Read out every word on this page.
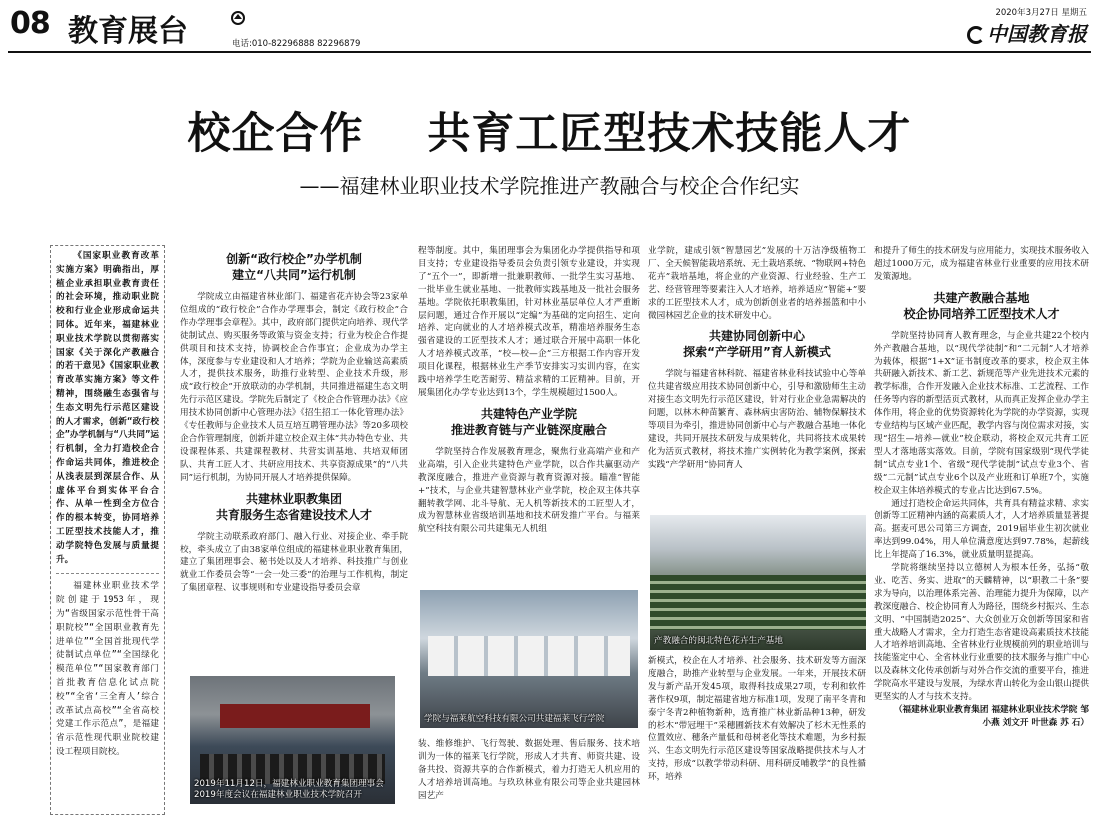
08 教育展台	电话:010-82296888 82296879
2020年3月27日 星期五
中国教育报
校企合作    共育工匠型技术技能人才
——福建林业职业技术学院推进产教融合与校企合作纪实

《国家职业教育改革实施方案》明确指出，厚植企业承担职业教育责任的社会环境，推动职业院校和行业企业形成命运共同体。近年来，福建林业职业技术学院以贯彻落实国家《关于深化产教融合的若干意见》《国家职业教育改革实施方案》等文件精神，围绕融生态强省与生态文明先行示范区建设的人才需求，创新“政行校企”办学机制与“八共同”运行机制，全力打造校企合作命运共同体，推进校企从浅表层到深层合作、从虚体平台到实体平台合作、从单一性到全方位合作的根本转变，协同培养工匠型技术技能人才，推动学院特色发展与质量提升。

福建林业职业技术学院创建于1953年，现为“省级国家示范性骨干高职院校”“全国职业教育先进单位”“全国首批现代学徒制试点单位”“全国绿化模范单位”“国家教育部门首批教育信息化试点院校”“全省‘三全育人’综合改革试点高校”“全省高校党建工作示范点”，是福建省示范性现代职业院校建设工程项目院校。

创新“政行校企”办学机制
建立“八共同”运行机制

学院成立由福建省林业部门、福建省花卉协会等23家单位组成的“政行校企”合作办学理事会，制定《政行校企”合作办学理事会章程》。其中，政府部门提供定向培养、现代学徒制试点、购买服务等政策与资金支持；行业为校企合作提供项目和技术支持，协调校企合作事宜；企业成为办学主体，深度参与专业建设和人才培养；学院为企业输送高素质人才，提供技术服务，助推行业转型、企业技术升级，形成“政行校企”开放联动的办学机制，共同推进福建生态文明先行示范区建设。学院先后制定了《校企合作管理办法》《应用技术协同创新中心管理办法》《招生招工一体化管理办法》《专任教师与企业技术人员互培互聘管理办法》等20多项校企合作管理制度，创新并建立校企双主体“共办特色专业、共设课程体系、共建课程教材、共营实训基地、共培双师团队、共育工匠人才、共研应用技术、共享资源成果”的“八共同”运行机制，为协同开展人才培养提供保障。

共建林业职教集团
共育服务生态省建设技术人才

学院主动联系政府部门、融入行业、对接企业、牵手院校，牵头成立了由38家单位组成的福建林业职业教育集团，建立了集团理事会、秘书处以及人才培养、科技推广与创业就业工作委员会等“一会一处三委”的治理与工作机构，制定了集团章程、议事规则和专业建设指导委员会章

2019年11月12日，福建林业职业教育集团理事会2019年度会议在福建林业职业技术学院召开

程等制度。其中，集团理事会为集团化办学提供指导和项目支持；专业建设指导委员会负责引领专业建设，并实现了“五个一”，即新增一批兼职教师、一批学生实习基地、一批毕业生就业基地、一批教师实践基地及一批社会服务基地。学院依托职教集团，针对林业基层单位人才严重断层问题，通过合作开展以“定编”为基础的定向招生、定向培养、定向就业的人才培养模式改革，精准培养服务生态强省建设的工匠型技术人才；通过联合开展中高职一体化人才培养模式改革，“校—校—企”三方根据工作内容开发项目化课程，根据林业生产季节安排实习实训内容，在实践中培养学生吃苦耐劳、精益求精的工匠精神。目前，开展集团化办学专业达到13个，学生规模超过1500人。

共建特色产业学院
推进教育链与产业链深度融合

学院坚持合作发展教育理念，聚焦行业高端产业和产业高端，引入企业共建特色产业学院，以合作共赢驱动产教深度融合，推进产业资源与教育资源对接。瞄准“智能+”技术，与企业共建智慧林业产业学院，校企双主体共享翻转教学网、北斗导航、无人机等新技术的工匠型人才，成为智慧林业省级培训基地和技术研发推广平台。与福莱航空科技有限公司共建集无人机组

学院与福莱航空科技有限公司共建福莱飞行学院

装、维修维护、飞行驾驶、数据处理、售后服务、技术培训为一体的福莱飞行学院，形成人才共育、师资共建、设备共投、资源共享的合作新模式，着力打造无人机应用的人才培养培训高地。与玖玖林业有限公司等企业共建园林园艺产

业学院，建成引领“智慧园艺”发展的十万洁净级植物工厂、全天候智能栽培系统、无土栽培系统、“物联网+特色花卉”栽培基地，将企业的产业资源、行业经验、生产工艺、经营管理等要素注入人才培养，培养适应“智能+”要求的工匠型技术人才，成为创新创业者的培养摇篮和中小微园林园艺企业的技术研发中心。

共建协同创新中心
探索“产学研用”育人新模式

学院与福建省林科院、福建省林业科技试验中心等单位共建省级应用技术协同创新中心，引导和激励师生主动对接生态文明先行示范区建设，针对行业企业急需解决的问题，以林木种苗繁育、森林病虫害防治、辅物保解技术等项目为牵引，推进协同创新中心与产教融合基地一体化建设，共同开展技术研发与成果转化，共同将技术成果转化为活页式教材，将技术推广实例转化为教学案例，探索实践“产学研用”协同育人

产教融合的闽北特色花卉生产基地

新模式，校企在人才培养、社会服务、技术研发等方面深度融合，助推产业转型与企业发展。一年来，开展技术研发与新产品开发45项，取得科技成果27项，专利和软件著作权9项，制定福建省地方标准1项，发现了南平冬青和泰宁冬青2种植物新种，选育推广林业新品种13种，研发的杉木“带冠埋干”采穗圃新技术有效解决了杉木无性系的位置效应、穗条产量低和母树老化等技术难题，为乡村振兴、生态文明先行示范区建设等国家战略提供技术与人才支持，形成“以教学带动科研、用科研反哺教学”的良性循环，培养

和提升了师生的技术研发与应用能力，实现技术服务收入超过1000万元，成为福建省林业行业重要的应用技术研发策源地。

共建产教融合基地
校企协同培养工匠型技术人才

学院坚持协同育人教育理念，与企业共建22个校内外产教融合基地，以“现代学徒制”和“二元制”人才培养为载体，根据“1+X”证书制度改革的要求，校企双主体共研融入新技术、新工艺、新规范等产业先进技术元素的教学标准，合作开发融入企业技术标准、工艺流程、工作任务等内容的新型活页式教材，从而真正发挥企业办学主体作用，将企业的优势资源转化为学院的办学资源，实现专业结构与区域产业匹配，教学内容与岗位需求对接，实现“招生—培养—就业”校企联动，将校企双元共育工匠型人才落地落实落效。目前，学院有国家级别“现代学徒制”试点专业1个、省级“现代学徒制”试点专业3个、省级“二元制”试点专业6个以及产业班和订单班7个，实施校企双主体培养模式的专业占比达到67.5%。

通过打造校企命运共同体，共育具有精益求精、求实创新等工匠精神内涵的高素质人才，人才培养质量显著提高。据麦可思公司第三方调查，2019届毕业生初次就业率达到99.04%，用人单位满意度达到97.78%，起薪线比上年提高了16.3%，就业质量明显提高。

学院将继续坚持以立德树人为根本任务，弘扬“敬业、吃苦、务实、进取”的天麟精神，以“职教二十条”要求为导向，以治理体系完善、治理能力提升为保障，以产教深度融合、校企协同育人为路径，围绕乡村振兴、生态文明、“中国制造2025”、大众创业万众创新等国家和省重大战略人才需求，全力打造生态省建设高素质技术技能人才培养培训高地、全省林业行业规模前列的职业培训与技能鉴定中心、全省林业行业重要的技术服务与推广中心以及森林文化传承创新与对外合作交流的重要平台，推进学院高水平建设与发展，为绿水青山转化为金山银山提供更坚实的人才与技术支持。

（福建林业职业教育集团 福建林业职业技术学院 邹小燕 刘文开 叶世森 苏 石）
